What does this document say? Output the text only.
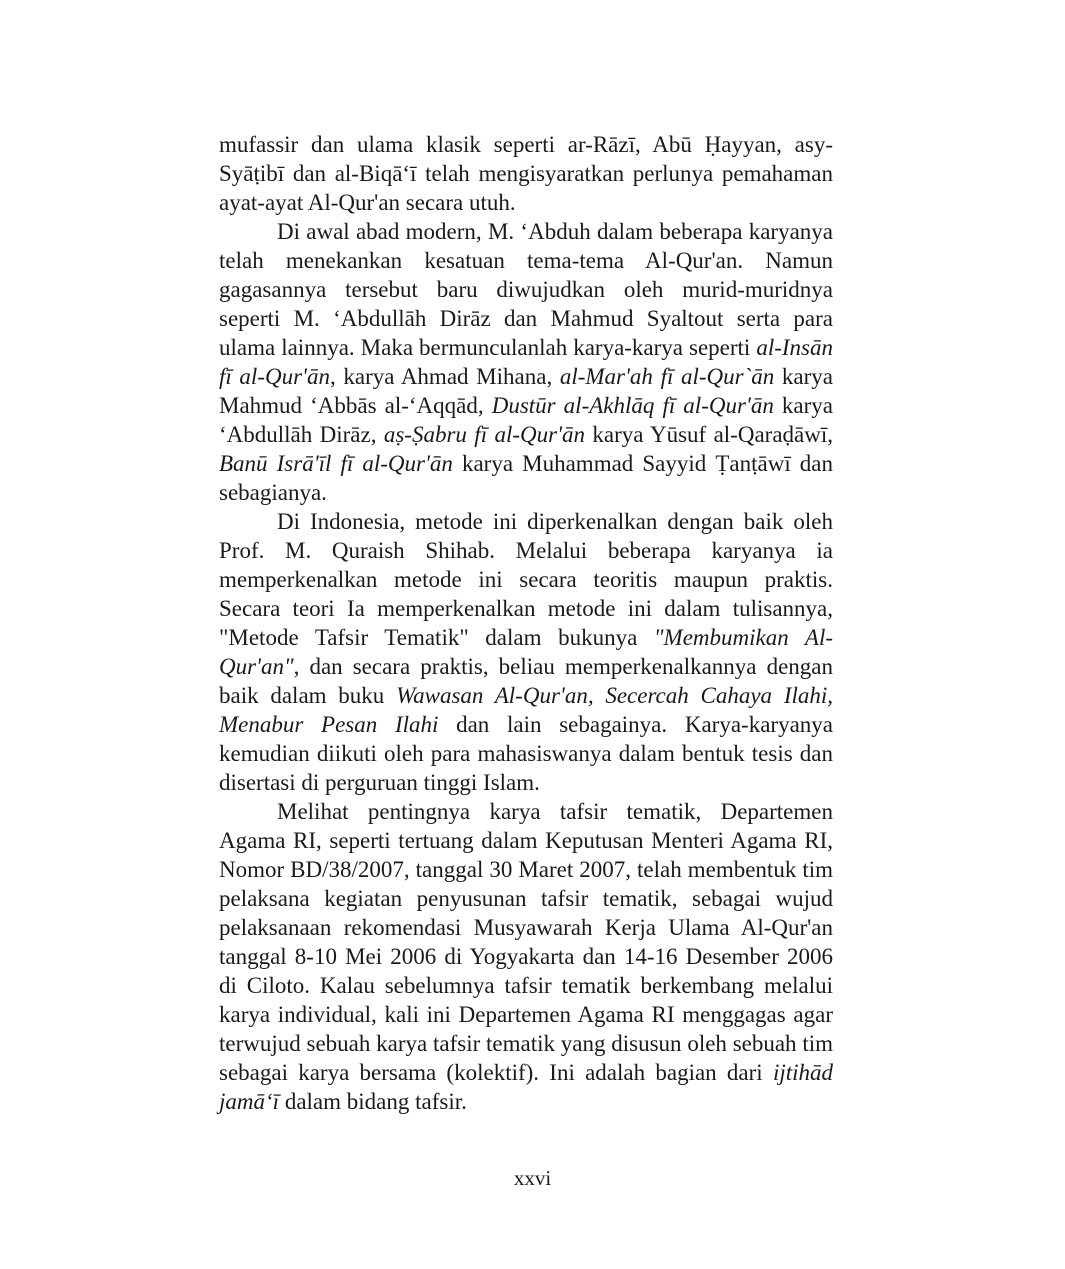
mufassir dan ulama klasik seperti ar-Rāzī, Abū Ḥayyan, asy-Syāṭibī dan al-Biqā‘ī telah mengisyaratkan perlunya pemahaman ayat-ayat Al-Qur'an secara utuh.

Di awal abad modern, M. ‘Abduh dalam beberapa karyanya telah menekankan kesatuan tema-tema Al-Qur'an. Namun gagasannya tersebut baru diwujudkan oleh murid-muridnya seperti M. ‘Abdullāh Dirāz dan Mahmud Syaltout serta para ulama lainnya. Maka bermunculanlah karya-karya seperti al-Insān fī al-Qur'ān, karya Ahmad Mihana, al-Mar'ah fī al-Qur`ān karya Mahmud ‘Abbās al-‘Aqqād, Dustūr al-Akhlāq fī al-Qur'ān karya ‘Abdullāh Dirāz, aṣ-Ṣabru fī al-Qur'ān karya Yūsuf al-Qaraḍāwī, Banū Isrā'īl fī al-Qur'ān karya Muhammad Sayyid Ṭanṭāwī dan sebagianya.

Di Indonesia, metode ini diperkenalkan dengan baik oleh Prof. M. Quraish Shihab. Melalui beberapa karyanya ia memperkenalkan metode ini secara teoritis maupun praktis. Secara teori Ia memperkenalkan metode ini dalam tulisannya, "Metode Tafsir Tematik" dalam bukunya "Membumikan Al-Qur'an", dan secara praktis, beliau memperkenalkannya dengan baik dalam buku Wawasan Al-Qur'an, Secercah Cahaya Ilahi, Menabur Pesan Ilahi dan lain sebagainya. Karya-karyanya kemudian diikuti oleh para mahasiswanya dalam bentuk tesis dan disertasi di perguruan tinggi Islam.

Melihat pentingnya karya tafsir tematik, Departemen Agama RI, seperti tertuang dalam Keputusan Menteri Agama RI, Nomor BD/38/2007, tanggal 30 Maret 2007, telah membentuk tim pelaksana kegiatan penyusunan tafsir tematik, sebagai wujud pelaksanaan rekomendasi Musyawarah Kerja Ulama Al-Qur'an tanggal 8-10 Mei 2006 di Yogyakarta dan 14-16 Desember 2006 di Ciloto. Kalau sebelumnya tafsir tematik berkembang melalui karya individual, kali ini Departemen Agama RI menggagas agar terwujud sebuah karya tafsir tematik yang disusun oleh sebuah tim sebagai karya bersama (kolektif). Ini adalah bagian dari ijtihād jamā‘ī dalam bidang tafsir.

xxvi
